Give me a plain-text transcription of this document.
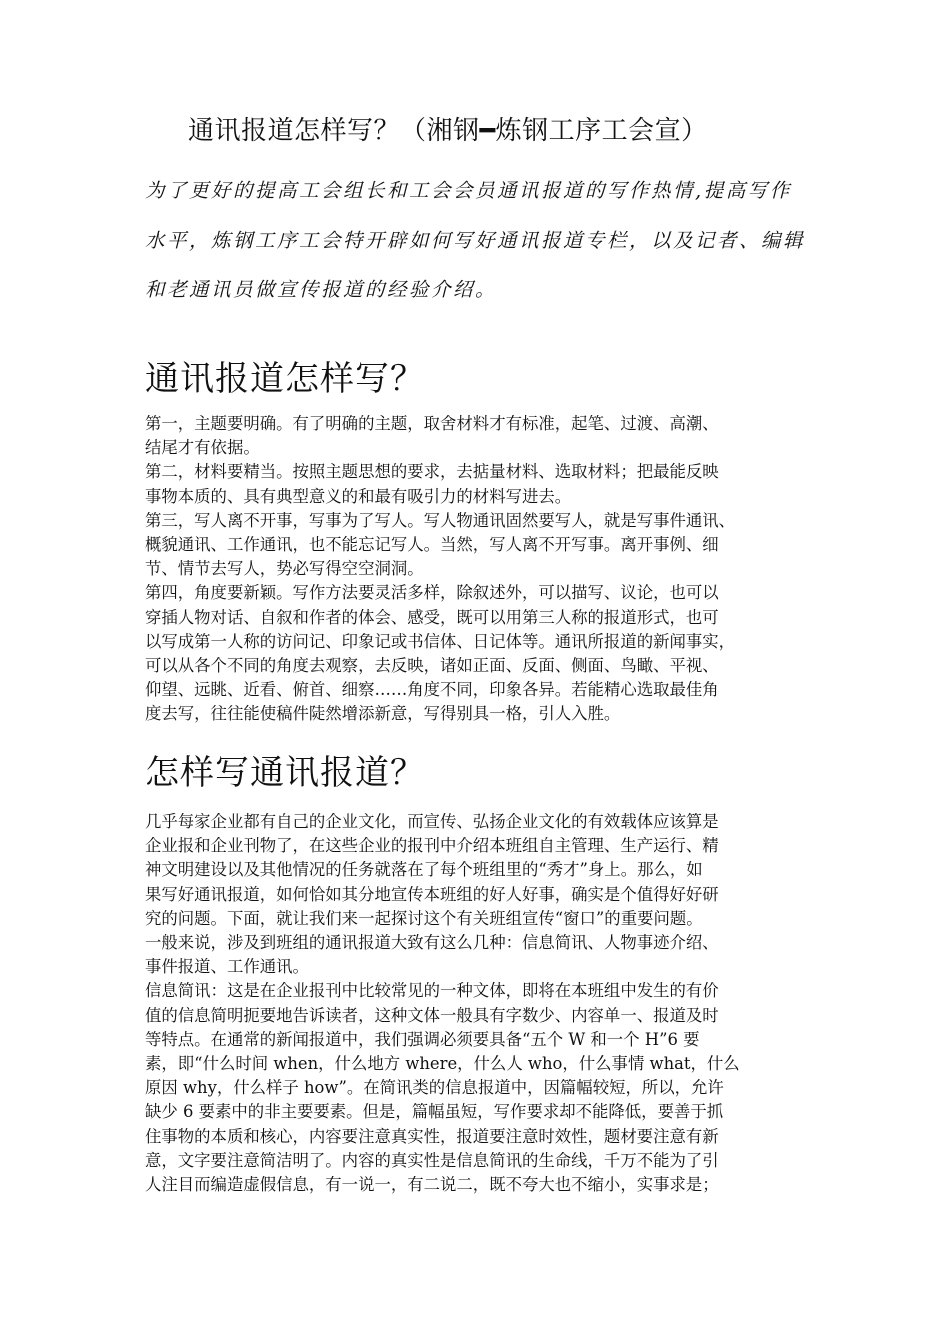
通讯报道怎样写？（湘钢━炼钢工序工会宣）

为了更好的提高工会组长和工会会员通讯报道的写作热情,提高写作

水平，炼钢工序工会特开辟如何写好通讯报道专栏，以及记者、编辑

和老通讯员做宣传报道的经验介绍。

通讯报道怎样写？

第一，主题要明确。有了明确的主题，取舍材料才有标准，起笔、过渡、高潮、

结尾才有依据。

第二，材料要精当。按照主题思想的要求，去掂量材料、选取材料；把最能反映

事物本质的、具有典型意义的和最有吸引力的材料写进去。

第三，写人离不开事，写事为了写人。写人物通讯固然要写人，就是写事件通讯、

概貌通讯、工作通讯，也不能忘记写人。当然，写人离不开写事。离开事例、细

节、情节去写人，势必写得空空洞洞。

第四，角度要新颖。写作方法要灵活多样，除叙述外，可以描写、议论，也可以

穿插人物对话、自叙和作者的体会、感受，既可以用第三人称的报道形式，也可

以写成第一人称的访问记、印象记或书信体、日记体等。通讯所报道的新闻事实，

可以从各个不同的角度去观察，去反映，诸如正面、反面、侧面、鸟瞰、平视、

仰望、远眺、近看、俯首、细察……角度不同，印象各异。若能精心选取最佳角

度去写，往往能使稿件陡然增添新意，写得别具一格，引人入胜。

怎样写通讯报道？

几乎每家企业都有自己的企业文化，而宣传、弘扬企业文化的有效载体应该算是

企业报和企业刊物了，在这些企业的报刊中介绍本班组自主管理、生产运行、精

神文明建设以及其他情况的任务就落在了每个班组里的“秀才”身上。那么，如

果写好通讯报道，如何恰如其分地宣传本班组的好人好事，确实是个值得好好研

究的问题。下面，就让我们来一起探讨这个有关班组宣传“窗口”的重要问题。

一般来说，涉及到班组的通讯报道大致有这么几种：信息简讯、人物事迹介绍、

事件报道、工作通讯。

信息简讯：这是在企业报刊中比较常见的一种文体，即将在本班组中发生的有价

值的信息简明扼要地告诉读者，这种文体一般具有字数少、内容单一、报道及时

等特点。在通常的新闻报道中，我们强调必须要具备“五个 W 和一个 H”6 要

素，即“什么时间 when，什么地方 where，什么人 who，什么事情 what，什么

原因 why，什么样子 how”。在简讯类的信息报道中，因篇幅较短，所以，允许

缺少 6 要素中的非主要要素。但是，篇幅虽短，写作要求却不能降低，要善于抓

住事物的本质和核心，内容要注意真实性，报道要注意时效性，题材要注意有新

意，文字要注意简洁明了。内容的真实性是信息简讯的生命线，千万不能为了引

人注目而编造虚假信息，有一说一，有二说二，既不夸大也不缩小，实事求是；
